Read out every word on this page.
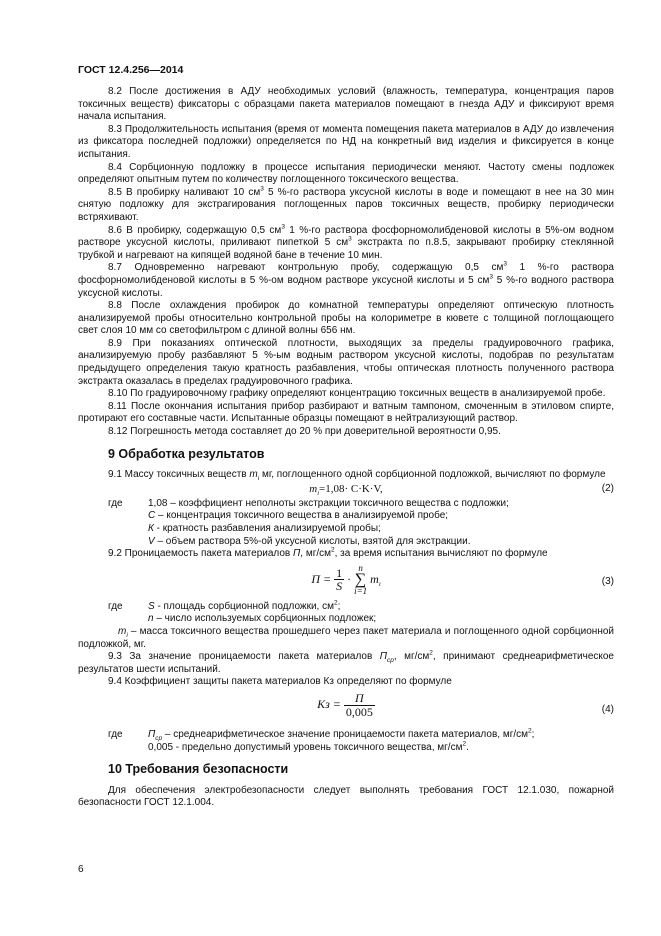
ГОСТ 12.4.256—2014

8.2 После достижения в АДУ необходимых условий (влажность, температура, концентрация паров токсичных веществ) фиксаторы с образцами пакета материалов помещают в гнезда АДУ и фиксируют время начала испытания.

8.3 Продолжительность испытания (время от момента помещения пакета материалов в АДУ до извлечения из фиксатора последней подложки) определяется по НД на конкретный вид изделия и фиксируется в конце испытания.

8.4 Сорбционную подложку в процессе испытания периодически меняют. Частоту смены подложек определяют опытным путем по количеству поглощенного токсического вещества.

8.5 В пробирку наливают 10 $см^3$ 5 %-го раствора уксусной кислоты в воде и помещают в нее на 30 мин снятую подложку для экстрагирования поглощенных паров токсичных веществ, пробирку периодически встряхивают.

8.6 В пробирку, содержащую 0,5 $см^3$ 1 %-го раствора фосфорномолибденовой кислоты в 5%-ом водном растворе уксусной кислоты, приливают пипеткой 5 $см^3$ экстракта по п.8.5, закрывают пробирку стеклянной трубкой и нагревают на кипящей водяной бане в течение 10 мин.

8.7 Одновременно нагревают контрольную пробу, содержащую 0,5 $см^3$ 1 %-го раствора фосфорномолибденовой кислоты в 5 %-ом водном растворе уксусной кислоты и 5 $см^3$ 5 %-го водного раствора уксусной кислоты.

8.8 После охлаждения пробирок до комнатной температуры определяют оптическую плотность анализируемой пробы относительно контрольной пробы на колориметре в кювете с толщиной поглощающего свет слоя 10 мм со светофильтром с длиной волны 656 нм.

8.9 При показаниях оптической плотности, выходящих за пределы градуировочного графика, анализируемую пробу разбавляют 5 %-ым водным раствором уксусной кислоты, подобрав по результатам предыдущего определения такую кратность разбавления, чтобы оптическая плотность полученного раствора экстракта оказалась в пределах градуировочного графика.

8.10 По градуировочному графику определяют концентрацию токсичных веществ в анализируемой пробе.

8.11 После окончания испытания прибор разбирают и ватным тампоном, смоченным в этиловом спирте, протирают его составные части. Испытанные образцы помещают в нейтрализующий раствор.

8.12 Погрешность метода составляет до 20 % при доверительной вероятности 0,95.

9 Обработка результатов

9.1 Массу токсичных веществ $m_i$ мг, поглощенного одной сорбционной подложкой, вычисляют по формуле

$m_i=1,08\cdot C\cdot K\cdot V$,	(2)

где	1,08 – коэффициент неполноты экстракции токсичного вещества с подложки;

С – концентрация токсичного вещества в анализируемой пробе;

К - кратность разбавления анализируемой пробы;

V – объем раствора 5%-ой уксусной кислоты, взятой для экстракции.

9.2 Проницаемость пакета материалов П, $мг/см^2$, за время испытания вычисляют по формуле

$П = \frac{1}{S} \cdot n$
∑
i=1 $m_i$	(3)

где	S - площадь сорбционной подложки, $см^2$;

n – число используемых сорбционных подложек;

$m_i$ – масса токсичного вещества прошедшего через пакет материала и поглощенного одной сорбционной подложкой, мг.

9.3 За значение проницаемости пакета материалов $П_{ср}$, $мг/см^2$, принимают среднеарифметическое результатов шести испытаний.

9.4 Коэффициент защиты пакета материалов Кз определяют по формуле

Кз = $\frac{П}{0,005}$	(4)

где	$П_{ср}$ – среднеарифметическое значение проницаемости пакета материалов, $мг/см^2$;

0,005 - предельно допустимый уровень токсичного вещества, $мг/см^2$.

10 Требования безопасности

Для обеспечения электробезопасности следует выполнять требования ГОСТ 12.1.030, пожарной безопасности ГОСТ 12.1.004.

6
